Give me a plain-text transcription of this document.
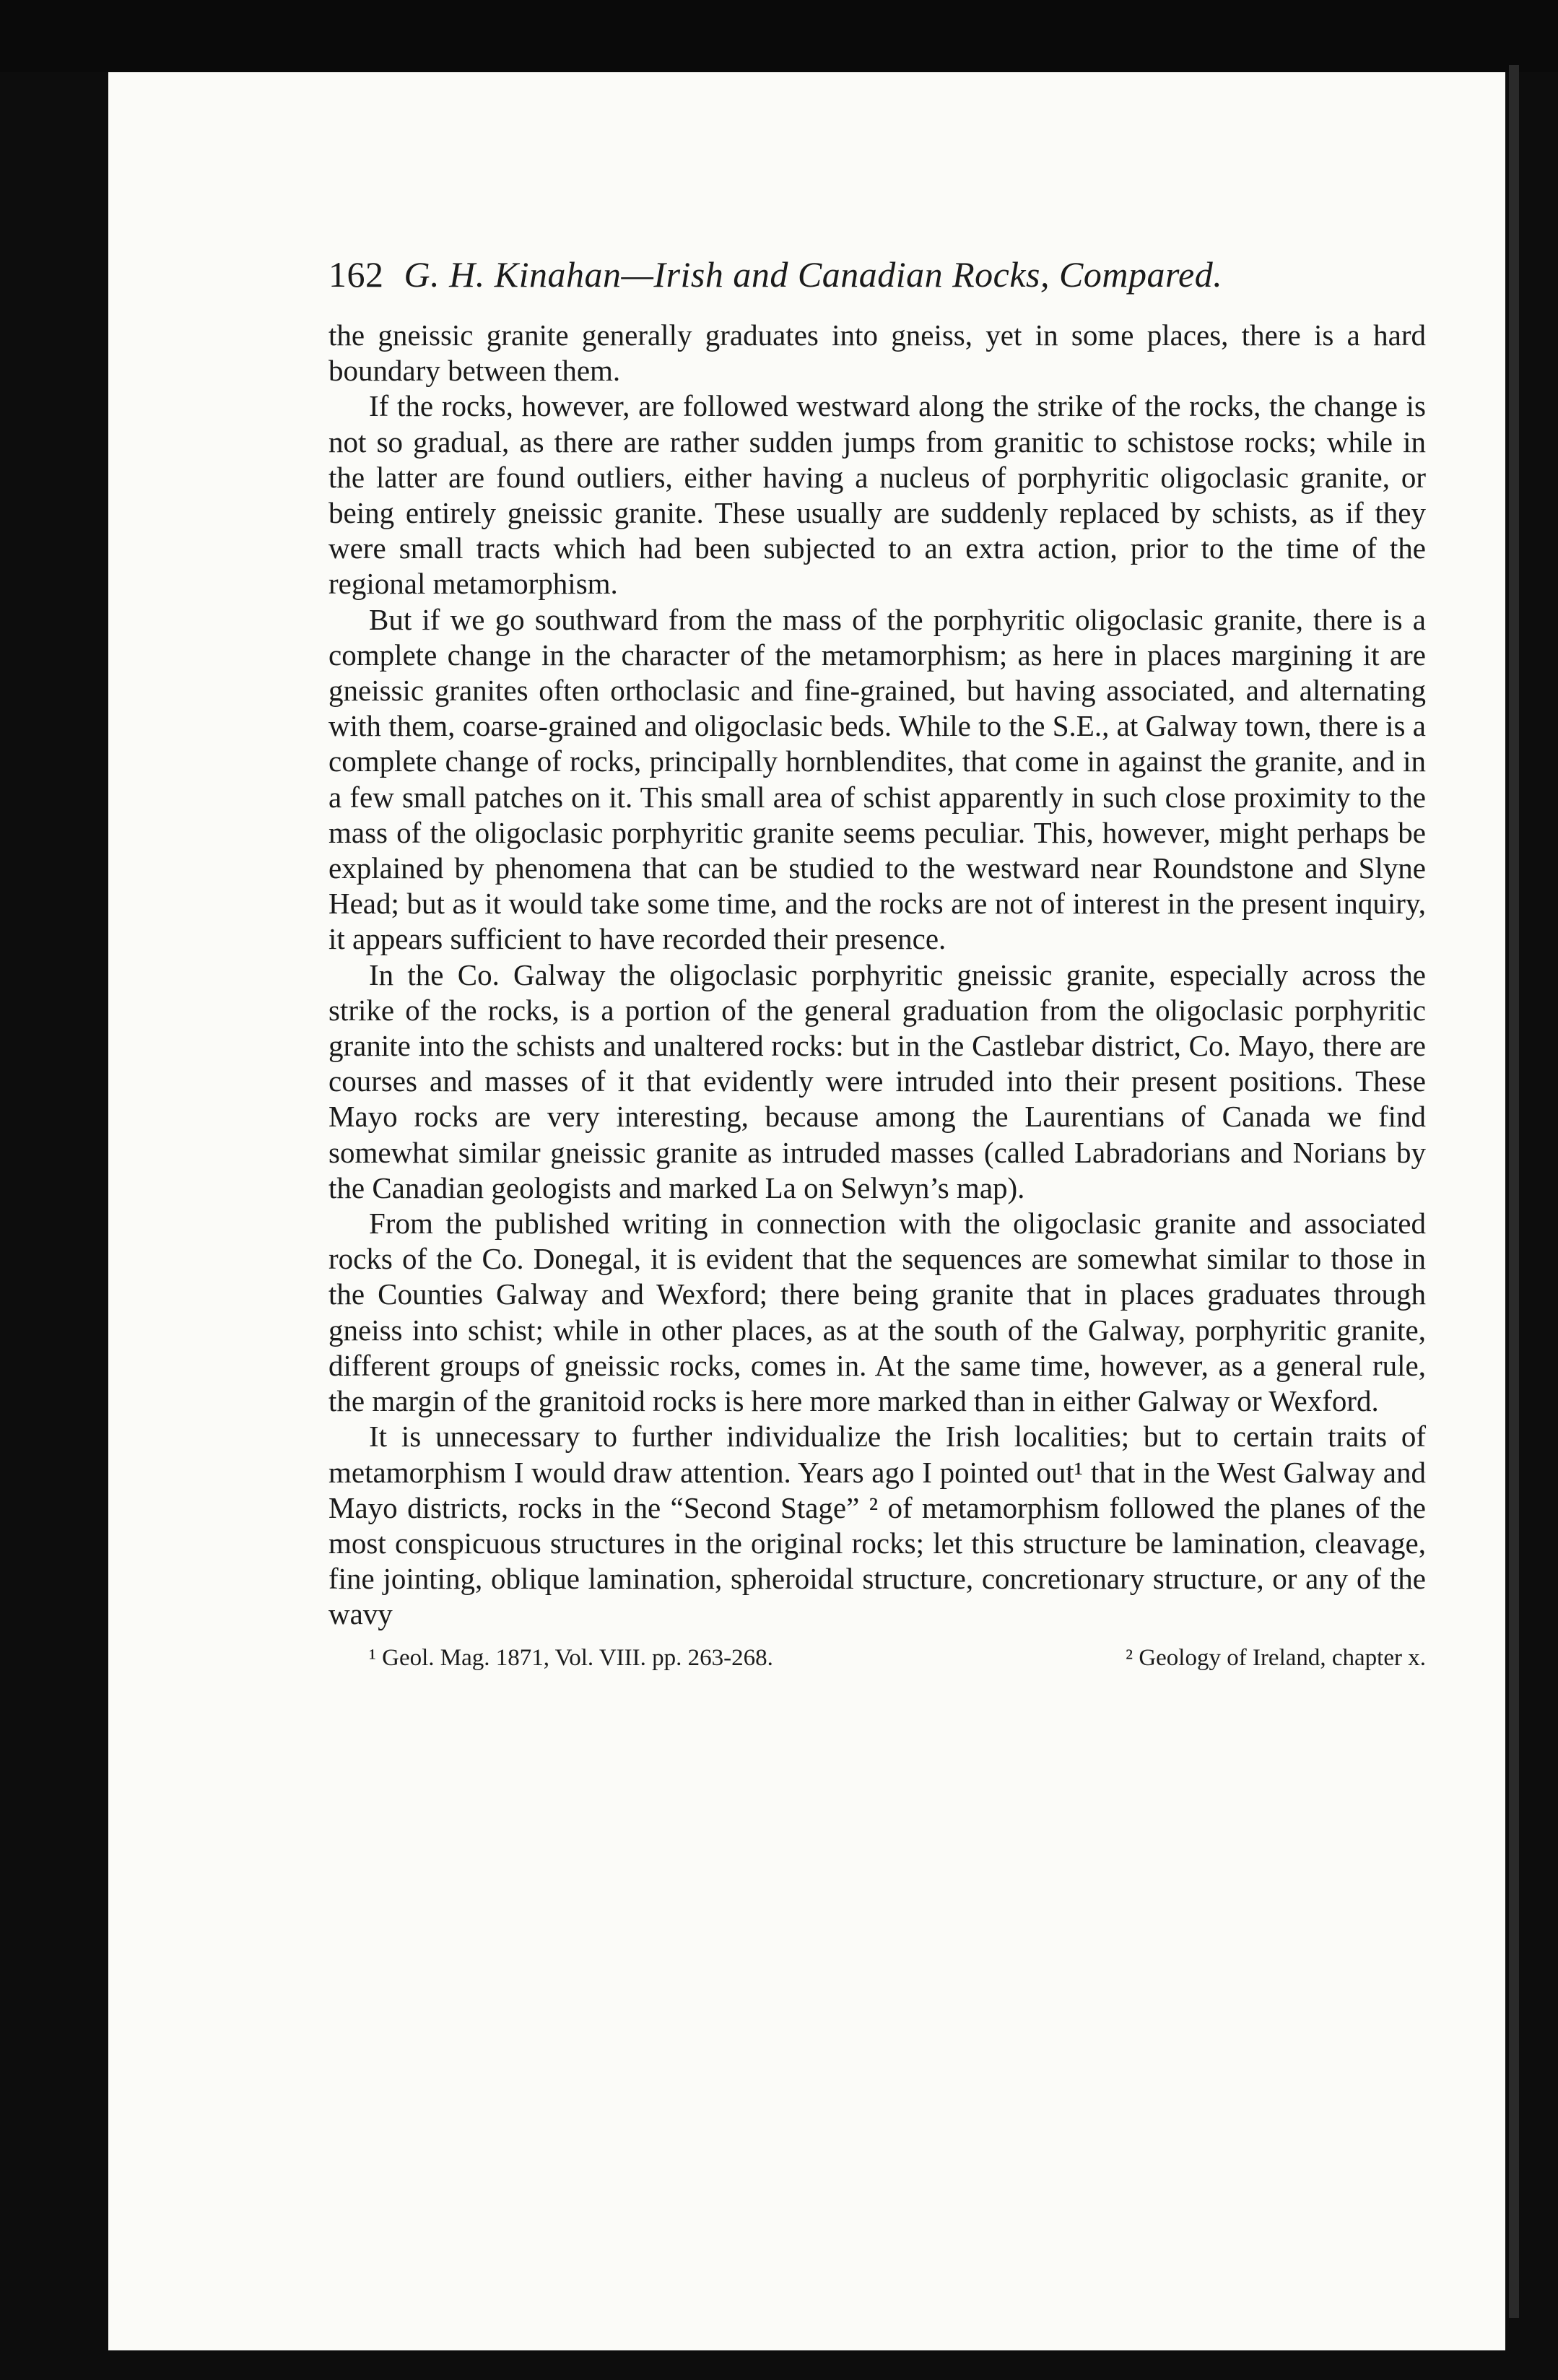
162 G. H. Kinahan—Irish and Canadian Rocks, Compared.

the gneissic granite generally graduates into gneiss, yet in some places, there is a hard boundary between them.

If the rocks, however, are followed westward along the strike of the rocks, the change is not so gradual, as there are rather sudden jumps from granitic to schistose rocks; while in the latter are found outliers, either having a nucleus of porphyritic oligoclasic granite, or being entirely gneissic granite. These usually are suddenly replaced by schists, as if they were small tracts which had been subjected to an extra action, prior to the time of the regional metamorphism.

But if we go southward from the mass of the porphyritic oligoclasic granite, there is a complete change in the character of the metamorphism; as here in places margining it are gneissic granites often orthoclasic and fine-grained, but having associated, and alternating with them, coarse-grained and oligoclasic beds. While to the S.E., at Galway town, there is a complete change of rocks, principally hornblendites, that come in against the granite, and in a few small patches on it. This small area of schist apparently in such close proximity to the mass of the oligoclasic porphyritic granite seems peculiar. This, however, might perhaps be explained by phenomena that can be studied to the westward near Roundstone and Slyne Head; but as it would take some time, and the rocks are not of interest in the present inquiry, it appears sufficient to have recorded their presence.

In the Co. Galway the oligoclasic porphyritic gneissic granite, especially across the strike of the rocks, is a portion of the general graduation from the oligoclasic porphyritic granite into the schists and unaltered rocks: but in the Castlebar district, Co. Mayo, there are courses and masses of it that evidently were intruded into their present positions. These Mayo rocks are very interesting, because among the Laurentians of Canada we find somewhat similar gneissic granite as intruded masses (called Labradorians and Norians by the Canadian geologists and marked La on Selwyn’s map).

From the published writing in connection with the oligoclasic granite and associated rocks of the Co. Donegal, it is evident that the sequences are somewhat similar to those in the Counties Galway and Wexford; there being granite that in places graduates through gneiss into schist; while in other places, as at the south of the Galway, porphyritic granite, different groups of gneissic rocks, comes in. At the same time, however, as a general rule, the margin of the granitoid rocks is here more marked than in either Galway or Wexford.

It is unnecessary to further individualize the Irish localities; but to certain traits of metamorphism I would draw attention. Years ago I pointed out¹ that in the West Galway and Mayo districts, rocks in the “Second Stage” ² of metamorphism followed the planes of the most conspicuous structures in the original rocks; let this structure be lamination, cleavage, fine jointing, oblique lamination, spheroidal structure, concretionary structure, or any of the wavy

¹ Geol. Mag. 1871, Vol. VIII. pp. 263-268.	² Geology of Ireland, chapter x.
